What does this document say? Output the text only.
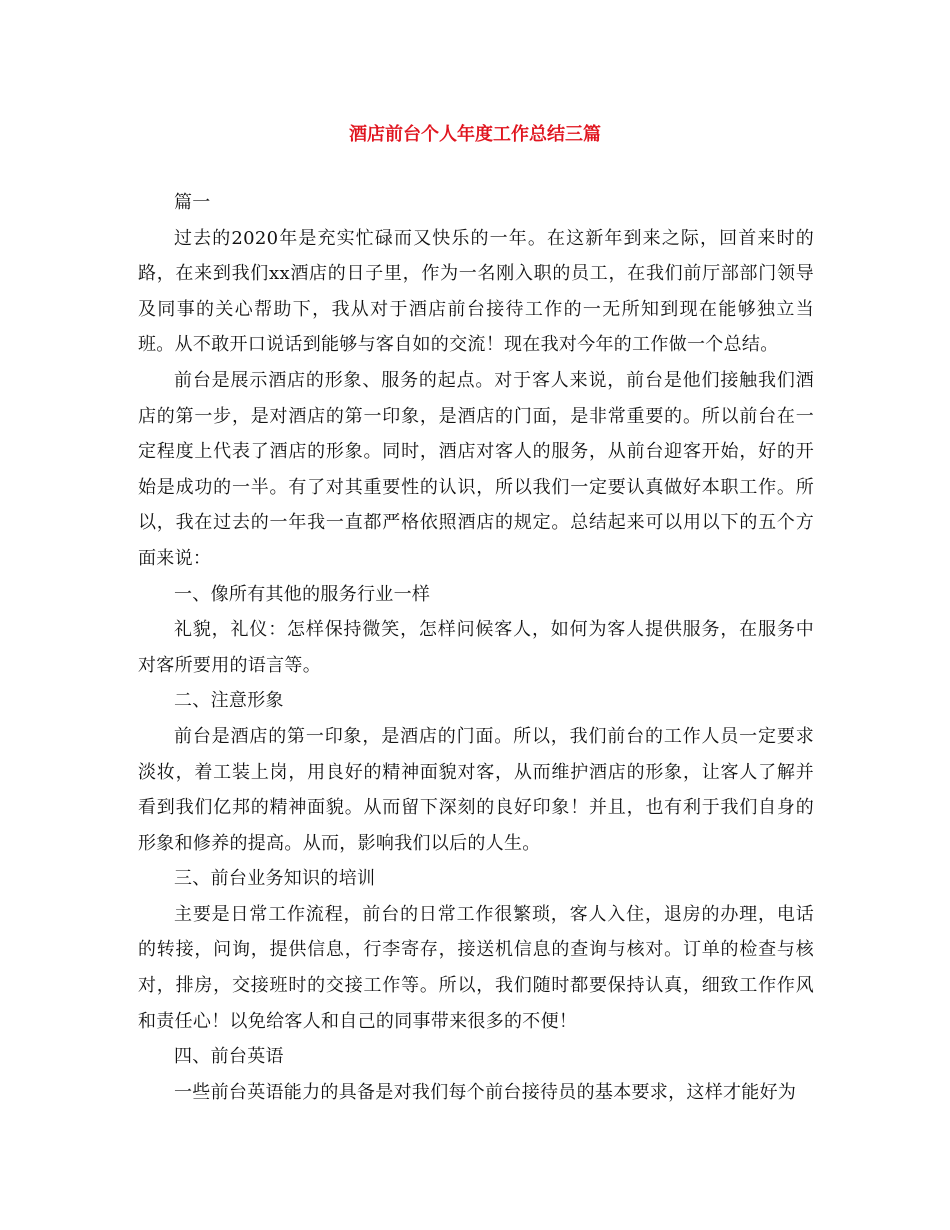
酒店前台个人年度工作总结三篇

篇一

过去的2020年是充实忙碌而又快乐的一年。在这新年到来之际，回首来时的路，在来到我们xx酒店的日子里，作为一名刚入职的员工，在我们前厅部部门领导及同事的关心帮助下，我从对于酒店前台接待工作的一无所知到现在能够独立当班。从不敢开口说话到能够与客自如的交流！现在我对今年的工作做一个总结。

前台是展示酒店的形象、服务的起点。对于客人来说，前台是他们接触我们酒店的第一步，是对酒店的第一印象，是酒店的门面，是非常重要的。所以前台在一定程度上代表了酒店的形象。同时，酒店对客人的服务，从前台迎客开始，好的开始是成功的一半。有了对其重要性的认识，所以我们一定要认真做好本职工作。所以，我在过去的一年我一直都严格依照酒店的规定。总结起来可以用以下的五个方面来说：

一、像所有其他的服务行业一样

礼貌，礼仪：怎样保持微笑，怎样问候客人，如何为客人提供服务，在服务中对客所要用的语言等。

二、注意形象

前台是酒店的第一印象，是酒店的门面。所以，我们前台的工作人员一定要求淡妆，着工装上岗，用良好的精神面貌对客，从而维护酒店的形象，让客人了解并看到我们亿邦的精神面貌。从而留下深刻的良好印象！并且，也有利于我们自身的形象和修养的提高。从而，影响我们以后的人生。

三、前台业务知识的培训

主要是日常工作流程，前台的日常工作很繁琐，客人入住，退房的办理，电话的转接，问询，提供信息，行李寄存，接送机信息的查询与核对。订单的检查与核对，排房，交接班时的交接工作等。所以，我们随时都要保持认真，细致工作作风和责任心！以免给客人和自己的同事带来很多的不便！

四、前台英语

一些前台英语能力的具备是对我们每个前台接待员的基本要求，这样才能好为
